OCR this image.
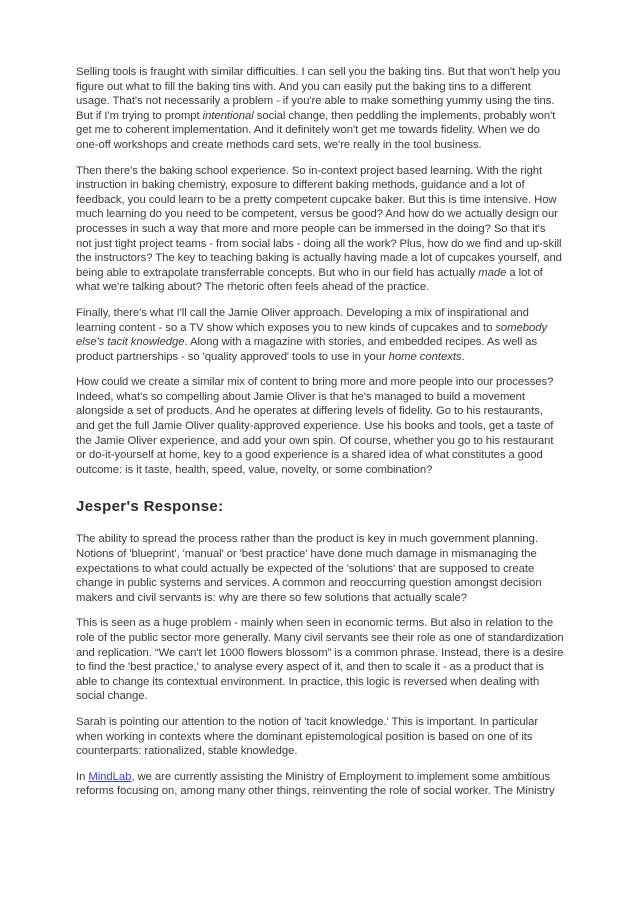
Selling tools is fraught with similar difficulties. I can sell you the baking tins. But that won't help you figure out what to fill the baking tins with. And you can easily put the baking tins to a different usage. That's not necessarily a problem - if you're able to make something yummy using the tins. But if I'm trying to prompt intentional social change, then peddling the implements, probably won't get me to coherent implementation. And it definitely won't get me towards fidelity. When we do one-off workshops and create methods card sets, we're really in the tool business.

Then there's the baking school experience. So in-context project based learning. With the right instruction in baking chemistry, exposure to different baking methods, guidance and a lot of feedback, you could learn to be a pretty competent cupcake baker. But this is time intensive. How much learning do you need to be competent, versus be good? And how do we actually design our processes in such a way that more and more people can be immersed in the doing? So that it's not just tight project teams - from social labs - doing all the work? Plus, how do we find and up-skill the instructors? The key to teaching baking is actually having made a lot of cupcakes yourself, and being able to extrapolate transferrable concepts. But who in our field has actually made a lot of what we're talking about? The rhetoric often feels ahead of the practice.

Finally, there's what I'll call the Jamie Oliver approach. Developing a mix of inspirational and learning content - so a TV show which exposes you to new kinds of cupcakes and to somebody else's tacit knowledge. Along with a magazine with stories, and embedded recipes. As well as product partnerships - so 'quality approved' tools to use in your home contexts.

How could we create a similar mix of content to bring more and more people into our processes? Indeed, what's so compelling about Jamie Oliver is that he's managed to build a movement alongside a set of products. And he operates at differing levels of fidelity. Go to his restaurants, and get the full Jamie Oliver quality-approved experience. Use his books and tools, get a taste of the Jamie Oliver experience, and add your own spin. Of course, whether you go to his restaurant or do-it-yourself at home, key to a good experience is a shared idea of what constitutes a good outcome: is it taste, health, speed, value, novelty, or some combination?

Jesper's Response:

The ability to spread the process rather than the product is key in much government planning. Notions of 'blueprint', 'manual' or 'best practice' have done much damage in mismanaging the expectations to what could actually be expected of the 'solutions' that are supposed to create change in public systems and services. A common and reoccurring question amongst decision makers and civil servants is: why are there so few solutions that actually scale?

This is seen as a huge problem - mainly when seen in economic terms. But also in relation to the role of the public sector more generally. Many civil servants see their role as one of standardization and replication. “We can't let 1000 flowers blossom” is a common phrase. Instead, there is a desire to find the 'best practice,' to analyse every aspect of it, and then to scale it - as a product that is able to change its contextual environment. In practice, this logic is reversed when dealing with social change.

Sarah is pointing our attention to the notion of 'tacit knowledge.' This is important. In particular when working in contexts where the dominant epistemological position is based on one of its counterparts: rationalized, stable knowledge.

In MindLab, we are currently assisting the Ministry of Employment to implement some ambitious reforms focusing on, among many other things, reinventing the role of social worker. The Ministry
